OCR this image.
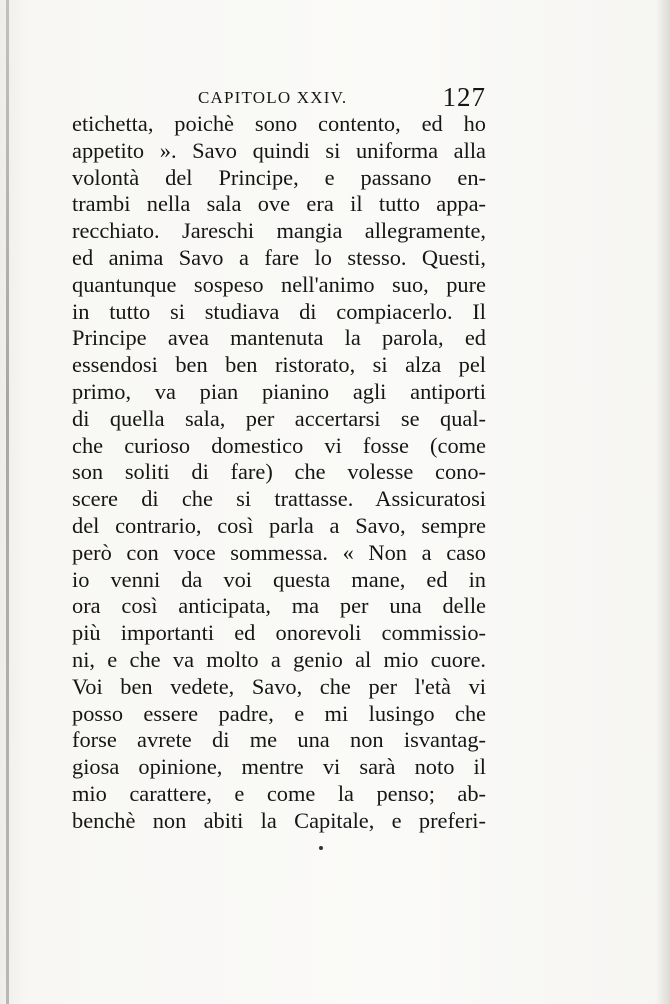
CAPITOLO XXIV.	127
etichetta, poichè sono contento, ed ho
appetito ». Savo quindi si uniforma alla
volontà del Principe, e passano en-
trambi nella sala ove era il tutto appa-
recchiato. Jareschi mangia allegramente,
ed anima Savo a fare lo stesso. Questi,
quantunque sospeso nell'animo suo, pure
in tutto si studiava di compiacerlo. Il
Principe avea mantenuta la parola, ed
essendosi ben ben ristorato, si alza pel
primo, va pian pianino agli antiporti
di quella sala, per accertarsi se qual-
che curioso domestico vi fosse (come
son soliti di fare) che volesse cono-
scere di che si trattasse. Assicuratosi
del contrario, così parla a Savo, sempre
però con voce sommessa. « Non a caso
io venni da voi questa mane, ed in
ora così anticipata, ma per una delle
più importanti ed onorevoli commissio-
ni, e che va molto a genio al mio cuore.
Voi ben vedete, Savo, che per l'età vi
posso essere padre, e mi lusingo che
forse avrete di me una non isvantag-
giosa opinione, mentre vi sarà noto il
mio carattere, e come la penso; ab-
benchè non abiti la Capitale, e preferi-
